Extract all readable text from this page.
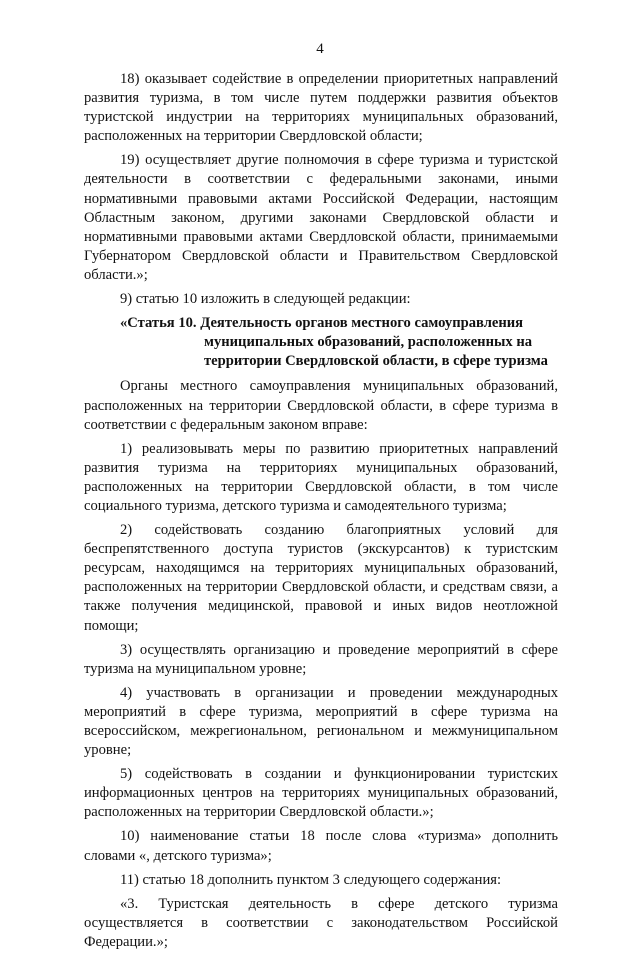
4

18) оказывает содействие в определении приоритетных направлений развития туризма, в том числе путем поддержки развития объектов туристской индустрии на территориях муниципальных образований, расположенных на территории Свердловской области;

19) осуществляет другие полномочия в сфере туризма и туристской деятельности в соответствии с федеральными законами, иными нормативными правовыми актами Российской Федерации, настоящим Областным законом, другими законами Свердловской области и нормативными правовыми актами Свердловской области, принимаемыми Губернатором Свердловской области и Правительством Свердловской области.»;

9) статью 10 изложить в следующей редакции:

«Статья 10. Деятельность органов местного самоуправления
муниципальных образований, расположенных на
территории Свердловской области, в сфере туризма

Органы местного самоуправления муниципальных образований, расположенных на территории Свердловской области, в сфере туризма в соответствии с федеральным законом вправе:

1) реализовывать меры по развитию приоритетных направлений развития туризма на территориях муниципальных образований, расположенных на территории Свердловской области, в том числе социального туризма, детского туризма и самодеятельного туризма;

2) содействовать созданию благоприятных условий для беспрепятственного доступа туристов (экскурсантов) к туристским ресурсам, находящимся на территориях муниципальных образований, расположенных на территории Свердловской области, и средствам связи, а также получения медицинской, правовой и иных видов неотложной помощи;

3) осуществлять организацию и проведение мероприятий в сфере туризма на муниципальном уровне;

4) участвовать в организации и проведении международных мероприятий в сфере туризма, мероприятий в сфере туризма на всероссийском, межрегиональном, региональном и межмуниципальном уровне;

5) содействовать в создании и функционировании туристских информационных центров на территориях муниципальных образований, расположенных на территории Свердловской области.»;

10) наименование статьи 18 после слова «туризма» дополнить словами «, детского туризма»;

11) статью 18 дополнить пунктом 3 следующего содержания:

«3. Туристская деятельность в сфере детского туризма осуществляется в соответствии с законодательством Российской Федерации.»;
